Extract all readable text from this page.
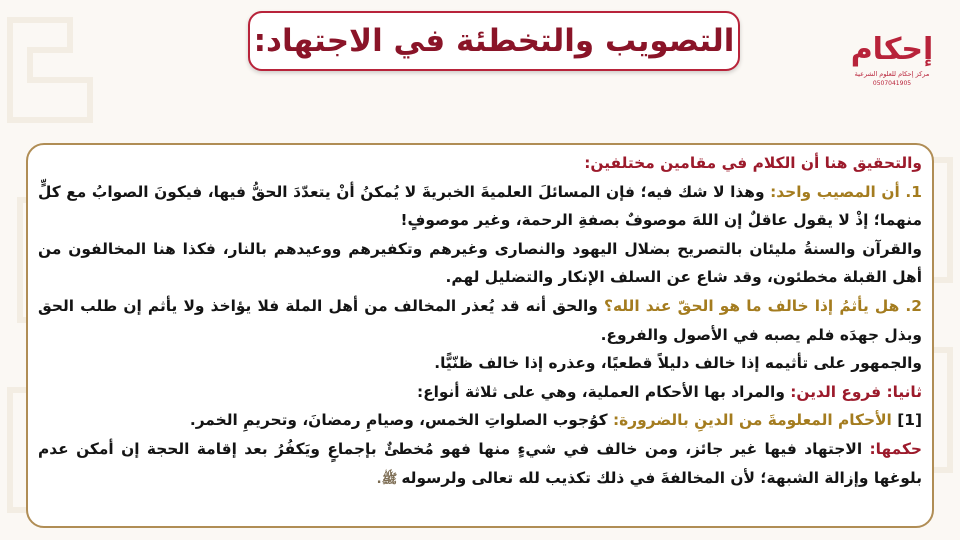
التصويب والتخطئة في الاجتهاد:	إحكام
مركز إحكام للعلوم الشرعية
0507041905

والتحقيق هنا أن الكلام في مقامين مختلفين:

1. أن المصيب واحد: وهذا لا شك فيه؛ فإن المسائلَ العلميةَ الخبريةَ لا يُمكنُ أنْ يتعدّدَ الحقُّ فيها، فيكونَ الصوابُ مع كلٍّ منهما؛ إذْ لا يقول عاقلٌ إن اللهَ موصوفٌ بصفةِ الرحمة، وغير موصوفٍ!

والقرآن والسنةُ مليئان بالتصريح بضلال اليهود والنصارى وغيرهم وتكفيرهم ووعيدهم بالنار، فكذا هنا المخالفون من أهل القبلة مخطئون، وقد شاع عن السلف الإنكار والتضليل لهم.

2. هل يأثمُ إذا خالف ما هو الحقّ عند الله؟ والحق أنه قد يُعذر المخالف من أهل الملة فلا يؤاخذ ولا يأثم إن طلب الحق وبذل جهدَه فلم يصبه في الأصول والفروع.

والجمهور على تأثيمه إذا خالف دليلاً قطعيًا، وعذره إذا خالف ظنّيًّا.

ثانيا: فروع الدين: والمراد بها الأحكام العملية، وهي على ثلاثة أنواع:

[1] الأحكام المعلومةَ من الدينِ بالضرورة: كوُجوب الصلواتِ الخمس، وصيامِ رمضانَ، وتحريمِ الخمر.

حكمها: الاجتهاد فيها غير جائز، ومن خالف في شيءٍ منها فهو مُخطئٌ بإجماعٍ ويَكفُرُ بعد إقامة الحجة إن أمكن عدم بلوغها وإزالة الشبهة؛ لأن المخالفةَ في ذلك تكذيب لله تعالى ولرسولهﷺ.
